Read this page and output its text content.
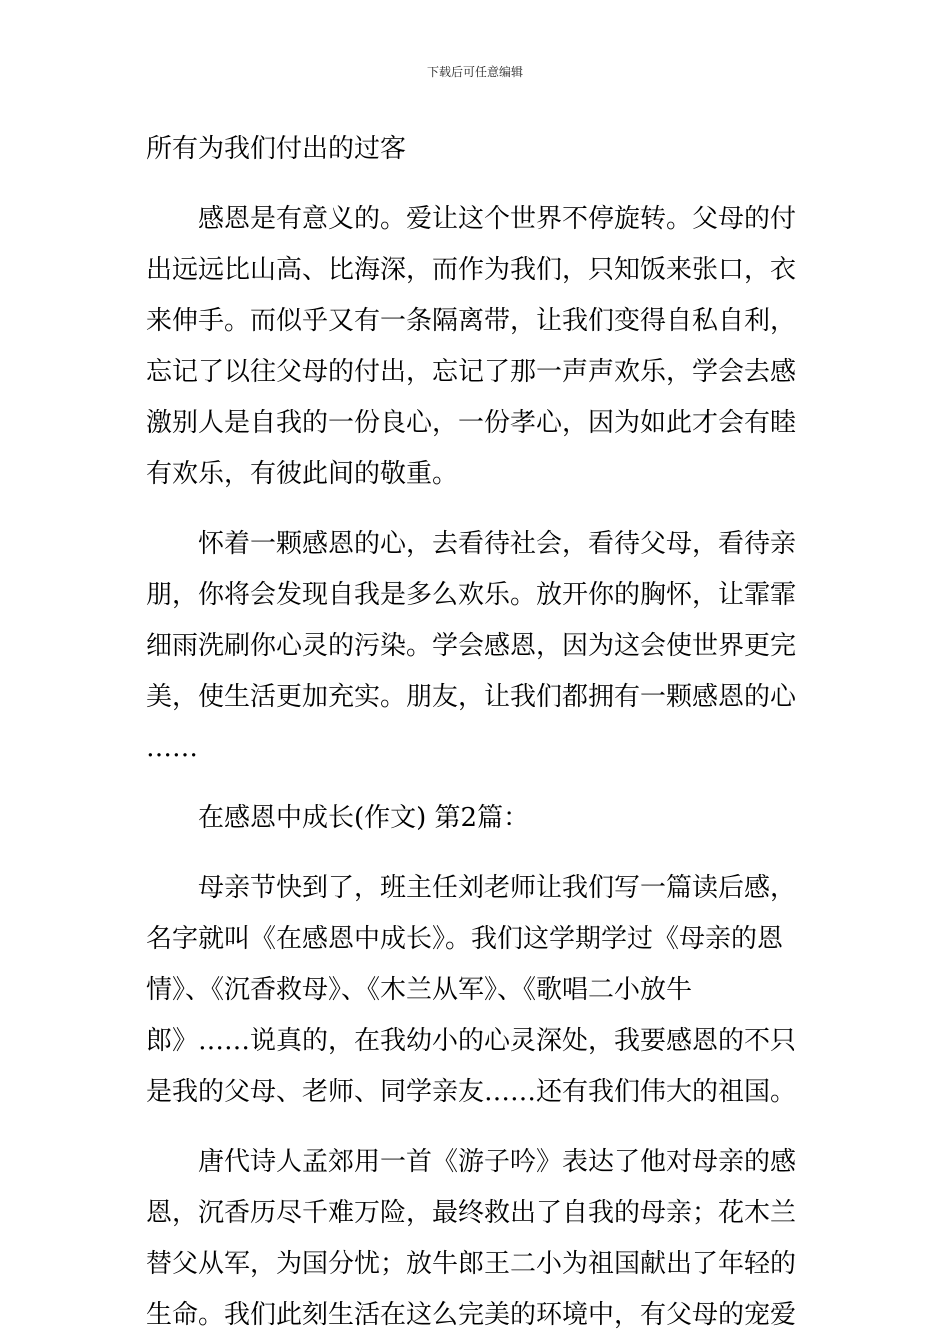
下载后可任意编辑
所有为我们付出的过客
感恩是有意义的。爱让这个世界不停旋转。父母的付
出远远比山高、比海深，而作为我们，只知饭来张口，衣
来伸手。而似乎又有一条隔离带，让我们变得自私自利，
忘记了以往父母的付出，忘记了那一声声欢乐，学会去感
激别人是自我的一份良心，一份孝心，因为如此才会有睦
有欢乐，有彼此间的敬重。
怀着一颗感恩的心，去看待社会，看待父母，看待亲
朋，你将会发现自我是多么欢乐。放开你的胸怀，让霏霏
细雨洗刷你心灵的污染。学会感恩，因为这会使世界更完
美，使生活更加充实。朋友，让我们都拥有一颗感恩的心
……
在感恩中成长(作文) 第2篇：
母亲节快到了，班主任刘老师让我们写一篇读后感，
名字就叫《在感恩中成长》。我们这学期学过《母亲的恩
情》、《沉香救母》、《木兰从军》、《歌唱二小放牛
郎》……说真的，在我幼小的心灵深处，我要感恩的不只
是我的父母、老师、同学亲友……还有我们伟大的祖国。
唐代诗人孟郊用一首《游子吟》表达了他对母亲的感
恩，沉香历尽千难万险，最终救出了自我的母亲；花木兰
替父从军，为国分忧；放牛郎王二小为祖国献出了年轻的
生命。我们此刻生活在这么完美的环境中，有父母的宠爱
